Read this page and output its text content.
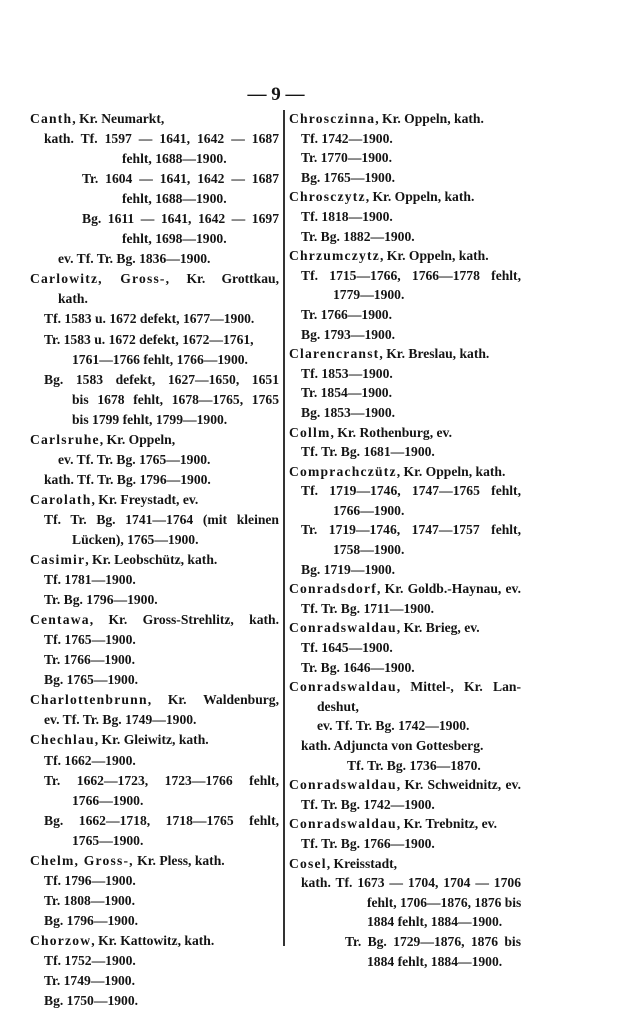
— 9 —
Canth, Kr. Neumarkt,
kath. Tf. 1597 — 1641, 1642 — 1687
fehlt, 1688—1900.
Tr. 1604 — 1641, 1642 — 1687
fehlt, 1688—1900.
Bg. 1611 — 1641, 1642 — 1697
fehlt, 1698—1900.
ev. Tf. Tr. Bg. 1836—1900.
Carlowitz, Gross-, Kr. Grottkau,
kath.
Tf. 1583 u. 1672 defekt, 1677—1900.
Tr. 1583 u. 1672 defekt, 1672—1761,
1761—1766 fehlt, 1766—1900.
Bg. 1583 defekt, 1627—1650, 1651
bis 1678 fehlt, 1678—1765, 1765
bis 1799 fehlt, 1799—1900.
Carlsruhe, Kr. Oppeln,
ev. Tf. Tr. Bg. 1765—1900.
kath. Tf. Tr. Bg. 1796—1900.
Carolath, Kr. Freystadt, ev.
Tf. Tr. Bg. 1741—1764 (mit kleinen
Lücken), 1765—1900.
Casimir, Kr. Leobschütz, kath.
Tf. 1781—1900.
Tr. Bg. 1796—1900.
Centawa, Kr. Gross-Strehlitz, kath.
Tf. 1765—1900.
Tr. 1766—1900.
Bg. 1765—1900.
Charlottenbrunn, Kr. Waldenburg,
ev. Tf. Tr. Bg. 1749—1900.
Chechlau, Kr. Gleiwitz, kath.
Tf. 1662—1900.
Tr. 1662—1723, 1723—1766 fehlt,
1766—1900.
Bg. 1662—1718, 1718—1765 fehlt,
1765—1900.
Chelm, Gross-, Kr. Pless, kath.
Tf. 1796—1900.
Tr. 1808—1900.
Bg. 1796—1900.
Chorzow, Kr. Kattowitz, kath.
Tf. 1752—1900.
Tr. 1749—1900.
Bg. 1750—1900.
Chrosczinna, Kr. Oppeln, kath.
Tf. 1742—1900.
Tr. 1770—1900.
Bg. 1765—1900.
Chrosczytz, Kr. Oppeln, kath.
Tf. 1818—1900.
Tr. Bg. 1882—1900.
Chrzumczytz, Kr. Oppeln, kath.
Tf. 1715—1766, 1766—1778 fehlt,
1779—1900.
Tr. 1766—1900.
Bg. 1793—1900.
Clarencranst, Kr. Breslau, kath.
Tf. 1853—1900.
Tr. 1854—1900.
Bg. 1853—1900.
Collm, Kr. Rothenburg, ev.
Tf. Tr. Bg. 1681—1900.
Comprachczütz, Kr. Oppeln, kath.
Tf. 1719—1746, 1747—1765 fehlt,
1766—1900.
Tr. 1719—1746, 1747—1757 fehlt,
1758—1900.
Bg. 1719—1900.
Conradsdorf, Kr. Goldb.-Haynau, ev.
Tf. Tr. Bg. 1711—1900.
Conradswaldau, Kr. Brieg, ev.
Tf. 1645—1900.
Tr. Bg. 1646—1900.
Conradswaldau, Mittel-, Kr. Lan-
deshut,
ev. Tf. Tr. Bg. 1742—1900.
kath. Adjuncta von Gottesberg.
Tf. Tr. Bg. 1736—1870.
Conradswaldau, Kr. Schweidnitz, ev.
Tf. Tr. Bg. 1742—1900.
Conradswaldau, Kr. Trebnitz, ev.
Tf. Tr. Bg. 1766—1900.
Cosel, Kreisstadt,
kath. Tf. 1673 — 1704, 1704 — 1706
fehlt, 1706—1876, 1876 bis
1884 fehlt, 1884—1900.
Tr. Bg. 1729—1876, 1876 bis
1884 fehlt, 1884—1900.
